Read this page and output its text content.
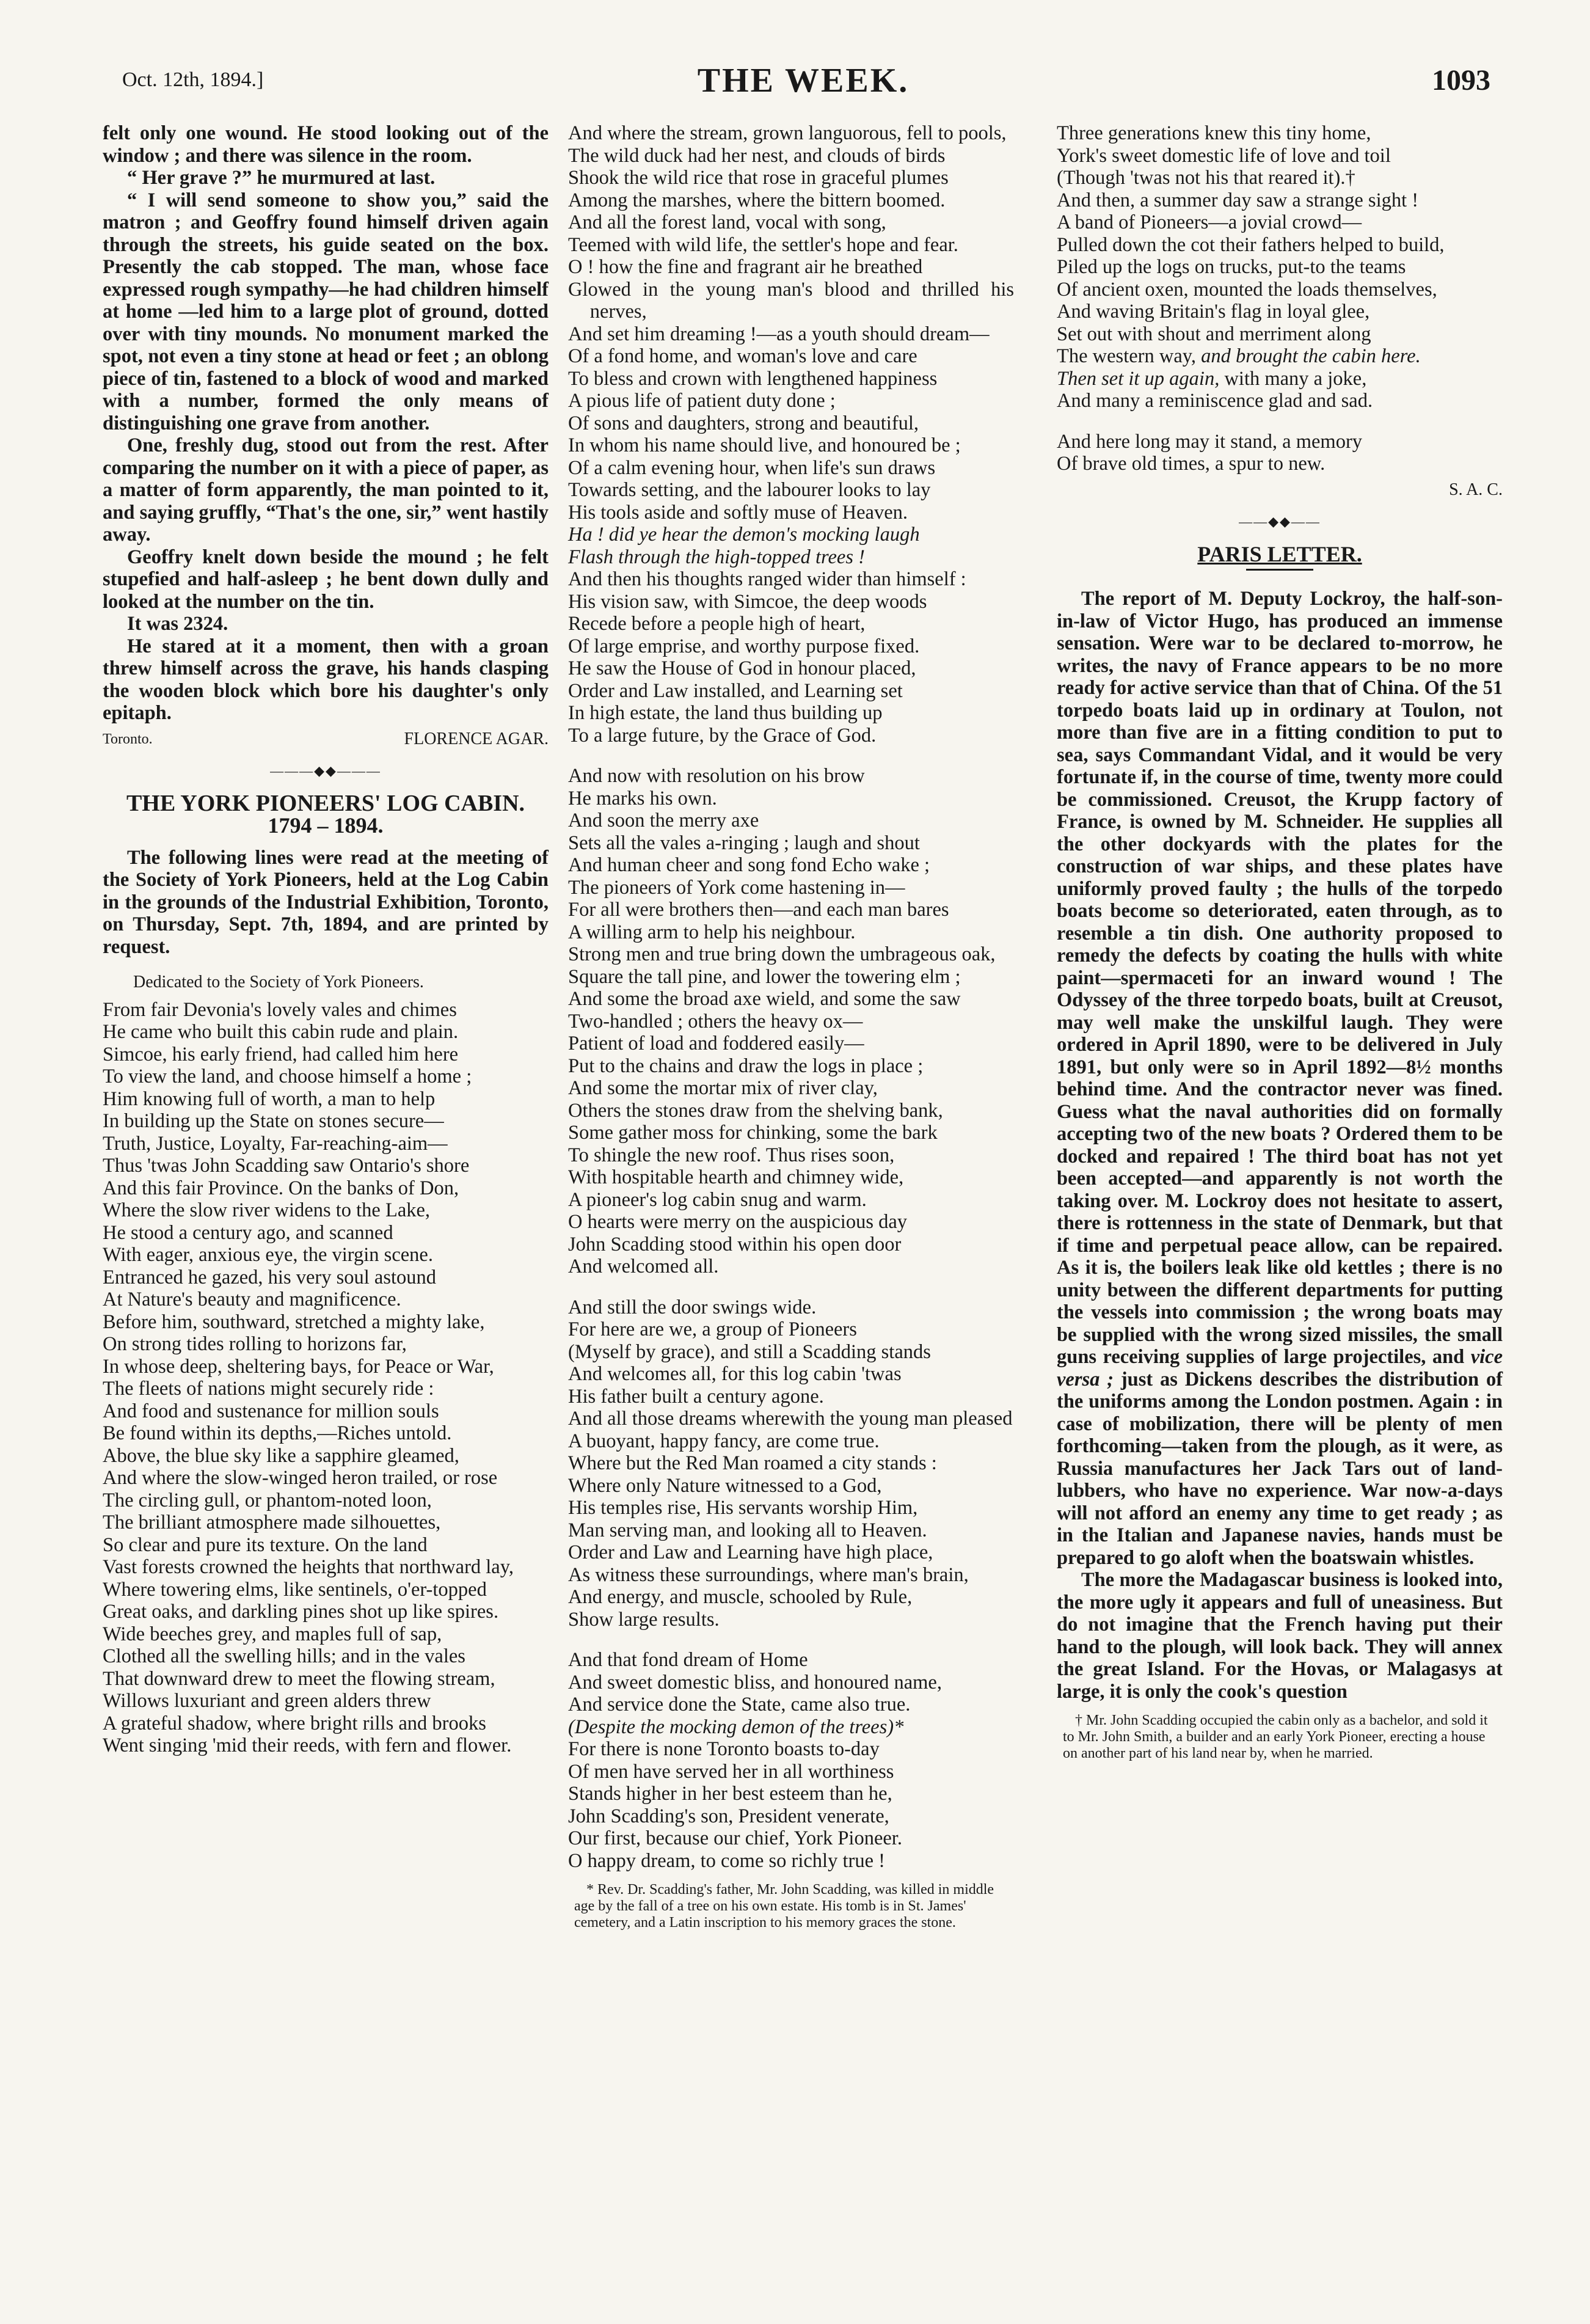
Oct. 12th, 1894.]	THE WEEK.	1093

felt only one wound. He stood looking out of the window ; and there was silence in the room.

“ Her grave ?” he murmured at last.

“ I will send someone to show you,” said the matron ; and Geoffry found himself driven again through the streets, his guide seated on the box. Presently the cab stopped. The man, whose face expressed rough sympathy—he had children himself at home —led him to a large plot of ground, dotted over with tiny mounds. No monument marked the spot, not even a tiny stone at head or feet ; an oblong piece of tin, fastened to a block of wood and marked with a number, formed the only means of distinguishing one grave from another.

One, freshly dug, stood out from the rest. After comparing the number on it with a piece of paper, as a matter of form apparently, the man pointed to it, and saying gruffly, “That's the one, sir,” went hastily away.

Geoffry knelt down beside the mound ; he felt stupefied and half-asleep ; he bent down dully and looked at the number on the tin.

It was 2324.

He stared at it a moment, then with a groan threw himself across the grave, his hands clasping the wooden block which bore his daughter's only epitaph.

Toronto.	FLORENCE AGAR.
———◆◆———
THE YORK PIONEERS' LOG CABIN.
1794 – 1894.

The following lines were read at the meeting of the Society of York Pioneers, held at the Log Cabin in the grounds of the Industrial Exhibition, Toronto, on Thursday, Sept. 7th, 1894, and are printed by request.

Dedicated to the Society of York Pioneers.
From fair Devonia's lovely vales and chimes
He came who built this cabin rude and plain.
Simcoe, his early friend, had called him here
To view the land, and choose himself a home ;
Him knowing full of worth, a man to help
In building up the State on stones secure—
Truth, Justice, Loyalty, Far-reaching-aim—
Thus 'twas John Scadding saw Ontario's shore
And this fair Province. On the banks of Don,
Where the slow river widens to the Lake,
He stood a century ago, and scanned
With eager, anxious eye, the virgin scene.
Entranced he gazed, his very soul astound
At Nature's beauty and magnificence.
Before him, southward, stretched a mighty lake,
On strong tides rolling to horizons far,
In whose deep, sheltering bays, for Peace or War,
The fleets of nations might securely ride :
And food and sustenance for million souls
Be found within its depths,—Riches untold.
Above, the blue sky like a sapphire gleamed,
And where the slow-winged heron trailed, or rose
The circling gull, or phantom-noted loon,
The brilliant atmosphere made silhouettes,
So clear and pure its texture. On the land
Vast forests crowned the heights that northward lay,
Where towering elms, like sentinels, o'er-topped
Great oaks, and darkling pines shot up like spires.
Wide beeches grey, and maples full of sap,
Clothed all the swelling hills; and in the vales
That downward drew to meet the flowing stream,
Willows luxuriant and green alders threw
A grateful shadow, where bright rills and brooks
Went singing 'mid their reeds, with fern and flower.
And where the stream, grown languorous, fell to pools,
The wild duck had her nest, and clouds of birds
Shook the wild rice that rose in graceful plumes
Among the marshes, where the bittern boomed.
And all the forest land, vocal with song,
Teemed with wild life, the settler's hope and fear.
O ! how the fine and fragrant air he breathed
Glowed in the young man's blood and thrilled his nerves,
And set him dreaming !—as a youth should dream—
Of a fond home, and woman's love and care
To bless and crown with lengthened happiness
A pious life of patient duty done ;
Of sons and daughters, strong and beautiful,
In whom his name should live, and honoured be ;
Of a calm evening hour, when life's sun draws
Towards setting, and the labourer looks to lay
His tools aside and softly muse of Heaven.
Ha ! did ye hear the demon's mocking laugh
Flash through the high-topped trees !
And then his thoughts ranged wider than himself :
His vision saw, with Simcoe, the deep woods
Recede before a people high of heart,
Of large emprise, and worthy purpose fixed.
He saw the House of God in honour placed,
Order and Law installed, and Learning set
In high estate, the land thus building up
To a large future, by the Grace of God.
And now with resolution on his brow
He marks his own.
And soon the merry axe
Sets all the vales a-ringing ; laugh and shout
And human cheer and song fond Echo wake ;
The pioneers of York come hastening in—
For all were brothers then—and each man bares
A willing arm to help his neighbour.
Strong men and true bring down the umbrageous oak,
Square the tall pine, and lower the towering elm ;
And some the broad axe wield, and some the saw
Two-handled ; others the heavy ox—
Patient of load and foddered easily—
Put to the chains and draw the logs in place ;
And some the mortar mix of river clay,
Others the stones draw from the shelving bank,
Some gather moss for chinking, some the bark
To shingle the new roof. Thus rises soon,
With hospitable hearth and chimney wide,
A pioneer's log cabin snug and warm.
O hearts were merry on the auspicious day
John Scadding stood within his open door
And welcomed all.
And still the door swings wide.
For here are we, a group of Pioneers
(Myself by grace), and still a Scadding stands
And welcomes all, for this log cabin 'twas
His father built a century agone.
And all those dreams wherewith the young man pleased
A buoyant, happy fancy, are come true.
Where but the Red Man roamed a city stands :
Where only Nature witnessed to a God,
His temples rise, His servants worship Him,
Man serving man, and looking all to Heaven.
Order and Law and Learning have high place,
As witness these surroundings, where man's brain,
And energy, and muscle, schooled by Rule,
Show large results.
And that fond dream of Home
And sweet domestic bliss, and honoured name,
And service done the State, came also true.
(Despite the mocking demon of the trees)*
For there is none Toronto boasts to-day
Of men have served her in all worthiness
Stands higher in her best esteem than he,
John Scadding's son, President venerate,
Our first, because our chief, York Pioneer.
O happy dream, to come so richly true !
* Rev. Dr. Scadding's father, Mr. John Scadding, was killed in middle age by the fall of a tree on his own estate. His tomb is in St. James' cemetery, and a Latin inscription to his memory graces the stone.
Three generations knew this tiny home,
York's sweet domestic life of love and toil
(Though 'twas not his that reared it).†
And then, a summer day saw a strange sight !
A band of Pioneers—a jovial crowd—
Pulled down the cot their fathers helped to build,
Piled up the logs on trucks, put-to the teams
Of ancient oxen, mounted the loads themselves,
And waving Britain's flag in loyal glee,
Set out with shout and merriment along
The western way, and brought the cabin here.
Then set it up again, with many a joke,
And many a reminiscence glad and sad.
And here long may it stand, a memory
Of brave old times, a spur to new.
S. A. C.
——◆◆——
PARIS LETTER.

The report of M. Deputy Lockroy, the half-son-in-law of Victor Hugo, has produced an immense sensation. Were war to be declared to-morrow, he writes, the navy of France appears to be no more ready for active service than that of China. Of the 51 torpedo boats laid up in ordinary at Toulon, not more than five are in a fitting condition to put to sea, says Commandant Vidal, and it would be very fortunate if, in the course of time, twenty more could be commissioned. Creusot, the Krupp factory of France, is owned by M. Schneider. He supplies all the other dockyards with the plates for the construction of war ships, and these plates have uniformly proved faulty ; the hulls of the torpedo boats become so deteriorated, eaten through, as to resemble a tin dish. One authority proposed to remedy the defects by coating the hulls with white paint—spermaceti for an inward wound ! The Odyssey of the three torpedo boats, built at Creusot, may well make the unskilful laugh. They were ordered in April 1890, were to be delivered in July 1891, but only were so in April 1892—8½ months behind time. And the contractor never was fined. Guess what the naval authorities did on formally accepting two of the new boats ? Ordered them to be docked and repaired ! The third boat has not yet been accepted—and apparently is not worth the taking over. M. Lockroy does not hesitate to assert, there is rottenness in the state of Denmark, but that if time and perpetual peace allow, can be repaired. As it is, the boilers leak like old kettles ; there is no unity between the different departments for putting the vessels into commission ; the wrong boats may be supplied with the wrong sized missiles, the small guns receiving supplies of large projectiles, and vice versa ; just as Dickens describes the distribution of the uniforms among the London postmen. Again : in case of mobilization, there will be plenty of men forthcoming—taken from the plough, as it were, as Russia manufactures her Jack Tars out of land-lubbers, who have no experience. War now-a-days will not afford an enemy any time to get ready ; as in the Italian and Japanese navies, hands must be prepared to go aloft when the boatswain whistles.

The more the Madagascar business is looked into, the more ugly it appears and full of uneasiness. But do not imagine that the French having put their hand to the plough, will look back. They will annex the great Island. For the Hovas, or Malagasys at large, it is only the cook's question

† Mr. John Scadding occupied the cabin only as a bachelor, and sold it to Mr. John Smith, a builder and an early York Pioneer, erecting a house on another part of his land near by, when he married.
